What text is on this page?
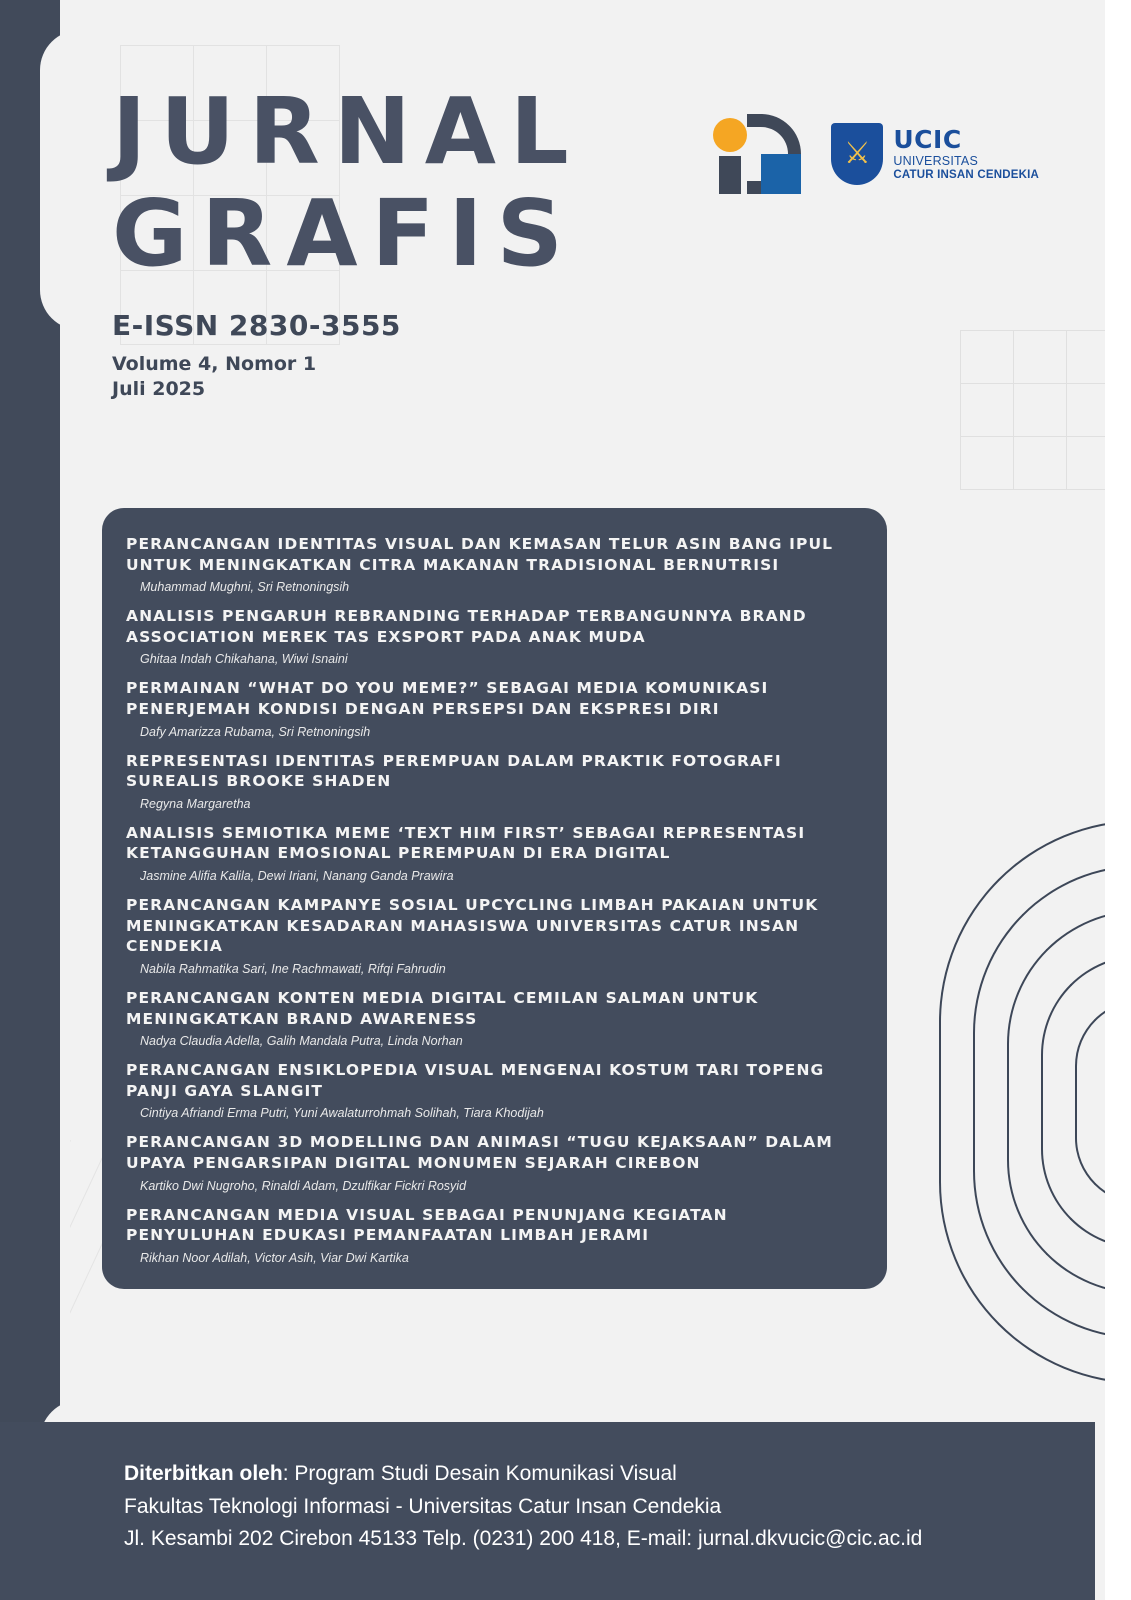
JURNAL
GRAFIS
E-ISSN 2830-3555
Volume 4, Nomor 1
Juli 2025
⚔ UCIC
UNIVERSITAS
CATUR INSAN CENDEKIA
PERANCANGAN IDENTITAS VISUAL DAN KEMASAN TELUR ASIN BANG IPUL UNTUK MENINGKATKAN CITRA MAKANAN TRADISIONAL BERNUTRISI
Muhammad Mughni, Sri Retnoningsih
ANALISIS PENGARUH REBRANDING TERHADAP TERBANGUNNYA BRAND ASSOCIATION MEREK TAS EXSPORT PADA ANAK MUDA
Ghitaa Indah Chikahana, Wiwi Isnaini
PERMAINAN “WHAT DO YOU MEME?” SEBAGAI MEDIA KOMUNIKASI PENERJEMAH KONDISI DENGAN PERSEPSI DAN EKSPRESI DIRI
Dafy Amarizza Rubama, Sri Retnoningsih
REPRESENTASI IDENTITAS PEREMPUAN DALAM PRAKTIK FOTOGRAFI SUREALIS BROOKE SHADEN
Regyna Margaretha
ANALISIS SEMIOTIKA MEME ‘TEXT HIM FIRST’ SEBAGAI REPRESENTASI KETANGGUHAN EMOSIONAL PEREMPUAN DI ERA DIGITAL
Jasmine Alifia Kalila, Dewi Iriani, Nanang Ganda Prawira
PERANCANGAN KAMPANYE SOSIAL UPCYCLING LIMBAH PAKAIAN UNTUK MENINGKATKAN KESADARAN MAHASISWA UNIVERSITAS CATUR INSAN CENDEKIA
Nabila Rahmatika Sari, Ine Rachmawati, Rifqi Fahrudin
PERANCANGAN KONTEN MEDIA DIGITAL CEMILAN SALMAN UNTUK MENINGKATKAN BRAND AWARENESS
Nadya Claudia Adella, Galih Mandala Putra, Linda Norhan
PERANCANGAN ENSIKLOPEDIA VISUAL MENGENAI KOSTUM TARI TOPENG PANJI GAYA SLANGIT
Cintiya Afriandi Erma Putri, Yuni Awalaturrohmah Solihah, Tiara Khodijah
PERANCANGAN 3D MODELLING DAN ANIMASI “TUGU KEJAKSAAN” DALAM UPAYA PENGARSIPAN DIGITAL MONUMEN SEJARAH CIREBON
Kartiko Dwi Nugroho, Rinaldi Adam, Dzulfikar Fickri Rosyid
PERANCANGAN MEDIA VISUAL SEBAGAI PENUNJANG KEGIATAN PENYULUHAN EDUKASI PEMANFAATAN LIMBAH JERAMI
Rikhan Noor Adilah, Victor Asih, Viar Dwi Kartika
Diterbitkan oleh: Program Studi Desain Komunikasi Visual
Fakultas Teknologi Informasi - Universitas Catur Insan Cendekia
Jl. Kesambi 202 Cirebon 45133 Telp. (0231) 200 418, E-mail: jurnal.dkvucic@cic.ac.id
